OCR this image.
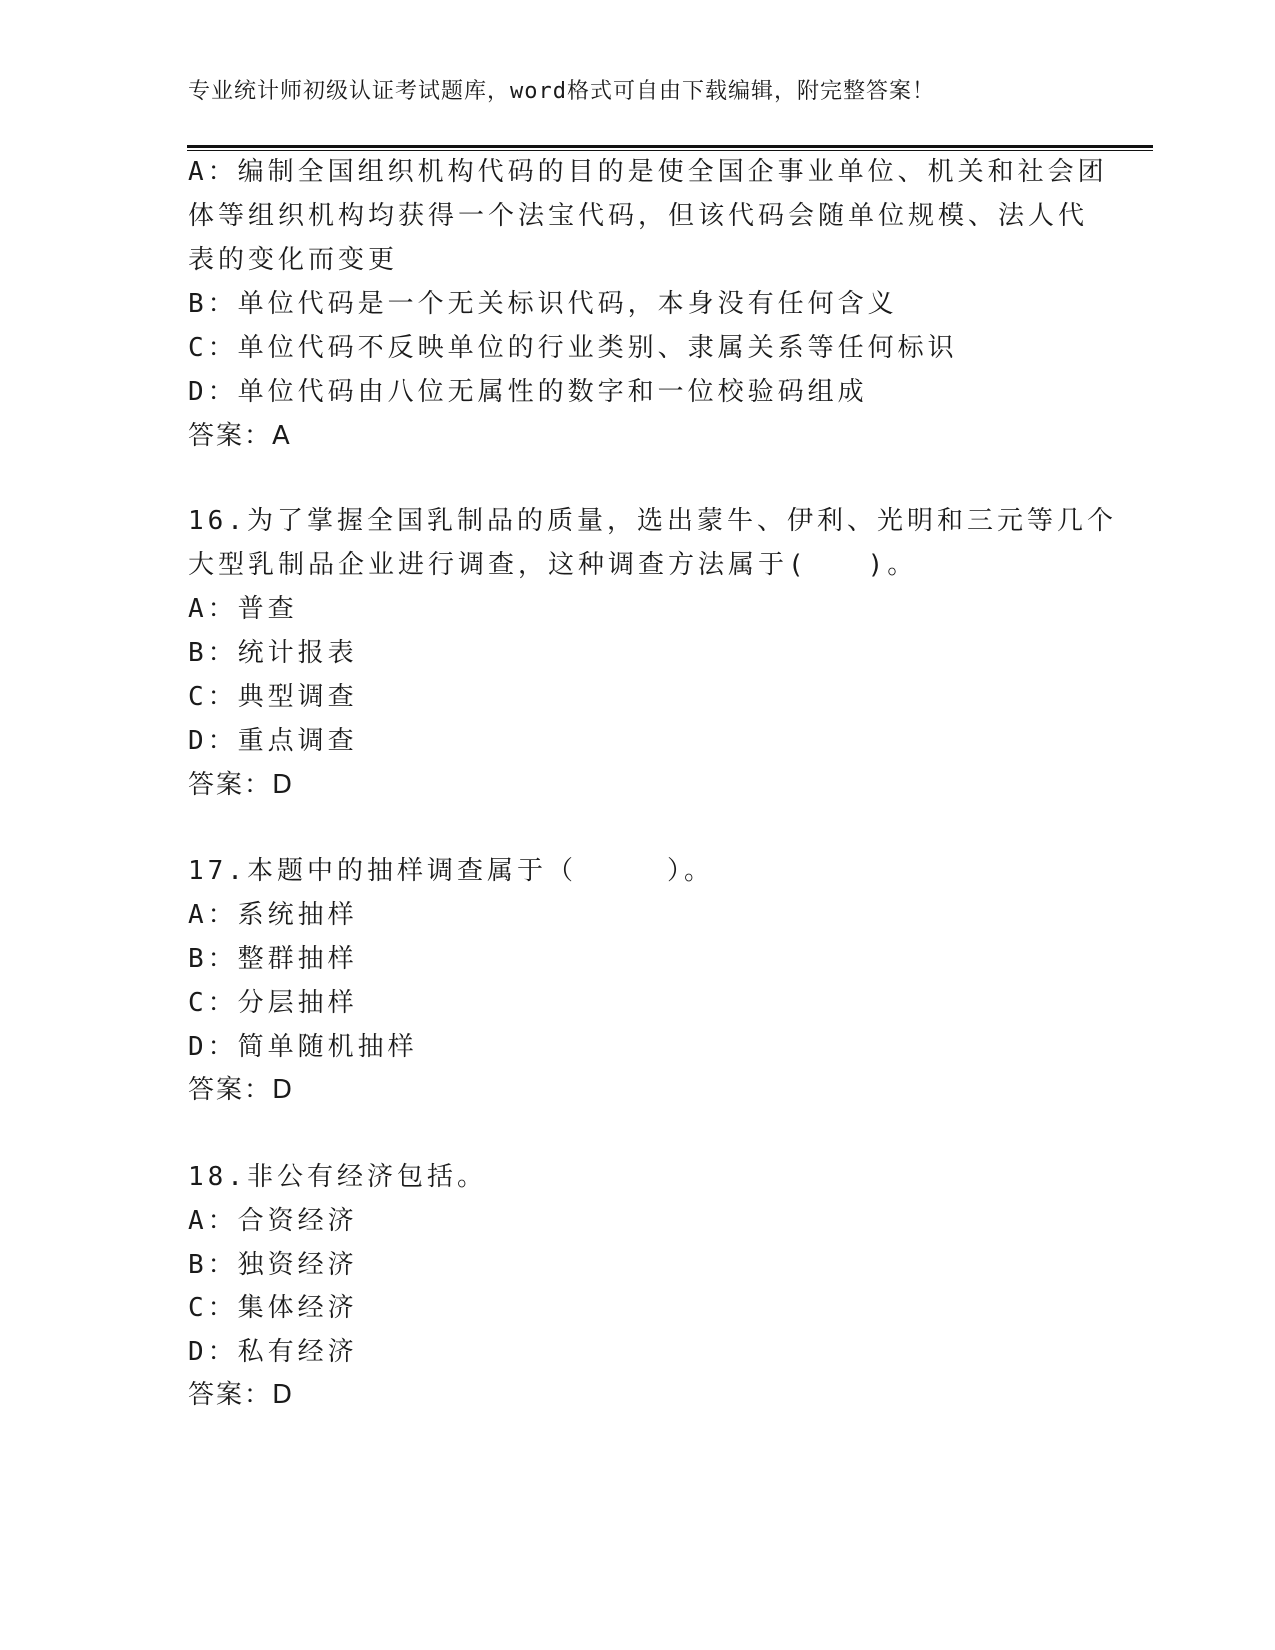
专业统计师初级认证考试题库，word格式可自由下载编辑，附完整答案！
A：编制全国组织机构代码的目的是使全国企事业单位、机关和社会团
体等组织机构均获得一个法宝代码，但该代码会随单位规模、法人代
表的变化而变更
B：单位代码是一个无关标识代码，本身没有任何含义
C：单位代码不反映单位的行业类别、隶属关系等任何标识
D：单位代码由八位无属性的数字和一位校验码组成
答案：A
16.为了掌握全国乳制品的质量，选出蒙牛、伊利、光明和三元等几个
大型乳制品企业进行调查，这种调查方法属于(　　)。
A：普查
B：统计报表
C：典型调查
D：重点调查
答案：D
17.本题中的抽样调查属于（　　　）。
A：系统抽样
B：整群抽样
C：分层抽样
D：简单随机抽样
答案：D
18.非公有经济包括。
A：合资经济
B：独资经济
C：集体经济
D：私有经济
答案：D
